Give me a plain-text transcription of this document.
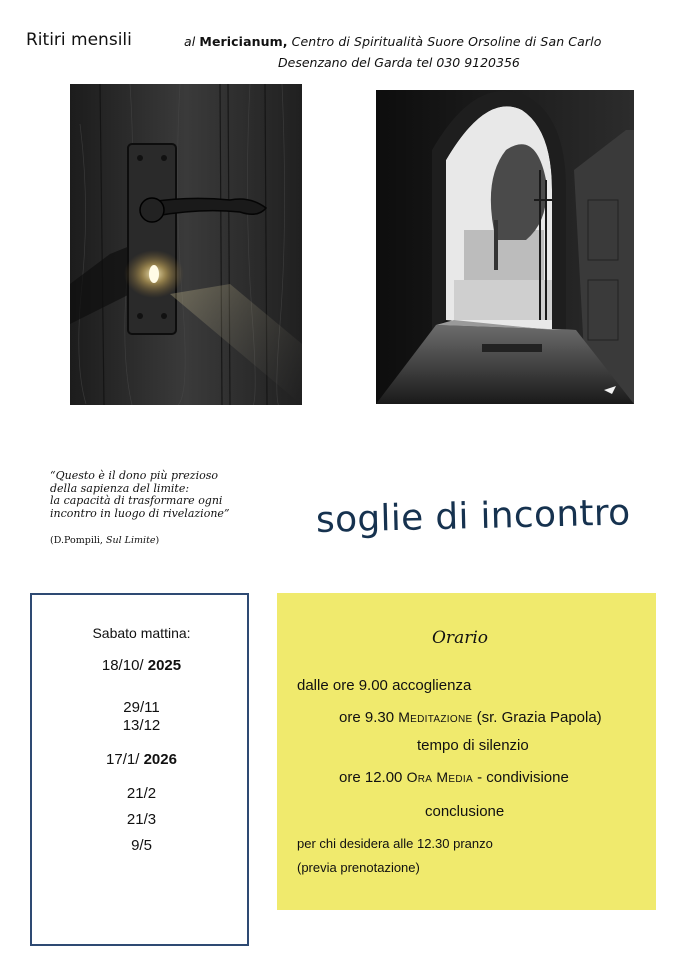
Ritiri mensili	al Mericianum, Centro di Spiritualità Suore Orsoline di San Carlo
Desenzano del Garda tel 030 9120356
“Questo è il dono più prezioso
della sapienza del limite:
la capacità di trasformare ogni
incontro in luogo di rivelazione”
(D.Pompili, Sul Limite)	soglie di incontro
Sabato mattina:
18/10/ 2025
29/11
13/12
17/1/ 2026
21/2
21/3
9/5
Orario
dalle ore 9.00 accoglienza
ore 9.30 Meditazione (sr. Grazia Papola)
tempo di silenzio
ore 12.00 Ora Media - condivisione
conclusione
per chi desidera alle 12.30 pranzo
(previa prenotazione)
